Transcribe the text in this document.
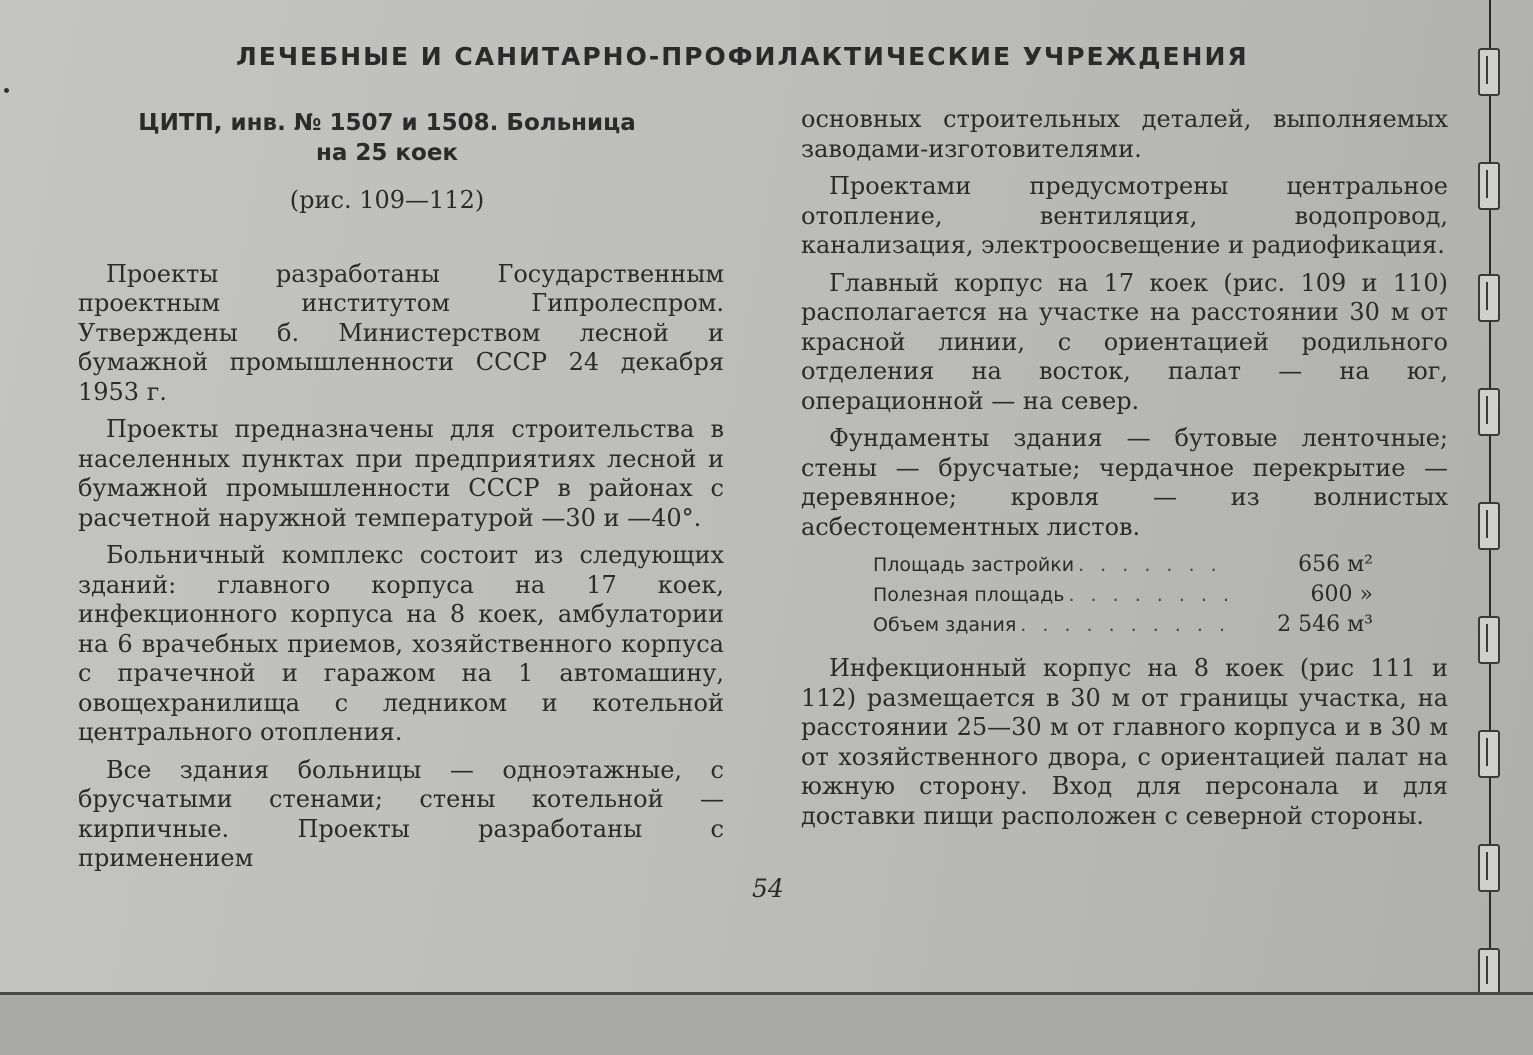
ЛЕЧЕБНЫЕ И САНИТАРНО-ПРОФИЛАКТИЧЕСКИЕ УЧРЕЖДЕНИЯ
ЦИТП, инв. № 1507 и 1508. Больница
на 25 коек
(рис. 109—112)

Проекты разработаны Государственным проектным институтом Гипролеспром. Утверждены б. Министерством лесной и бумажной промышленности СССР 24 декабря 1953 г.

Проекты предназначены для строительства в населенных пунктах при предприятиях лесной и бумажной промышленности СССР в районах с расчетной наружной температурой —30 и —40°.

Больничный комплекс состоит из следующих зданий: главного корпуса на 17 коек, инфекционного корпуса на 8 коек, амбулатории на 6 врачебных приемов, хозяйственного корпуса с прачечной и гаражом на 1 автомашину, овощехранилища с ледником и котельной центрального отопления.

Все здания больницы — одноэтажные, с брусчатыми стенами; стены котельной — кирпичные. Проекты разработаны с применением

основных строительных деталей, выполняемых заводами-изготовителями.

Проектами предусмотрены центральное отопление, вентиляция, водопровод, канализация, электроосвещение и радиофикация.

Главный корпус на 17 коек (рис. 109 и 110) располагается на участке на расстоянии 30 м от красной линии, с ориентацией родильного отделения на восток, палат — на юг, операционной — на север.

Фундаменты здания — бутовые ленточные; стены — брусчатые; чердачное перекрытие — деревянное; кровля — из волнистых асбестоцементных листов.

Площадь застройки . . . . . . .	656 м²
Полезная площадь . . . . . . . .	600 »
Объем здания . . . . . . . . . .	2 546 м³

Инфекционный корпус на 8 коек (рис 111 и 112) размещается в 30 м от границы участка, на расстоянии 25—30 м от главного корпуса и в 30 м от хозяйственного двора, с ориентацией палат на южную сторону. Вход для персонала и для доставки пищи расположен с северной стороны.

54
